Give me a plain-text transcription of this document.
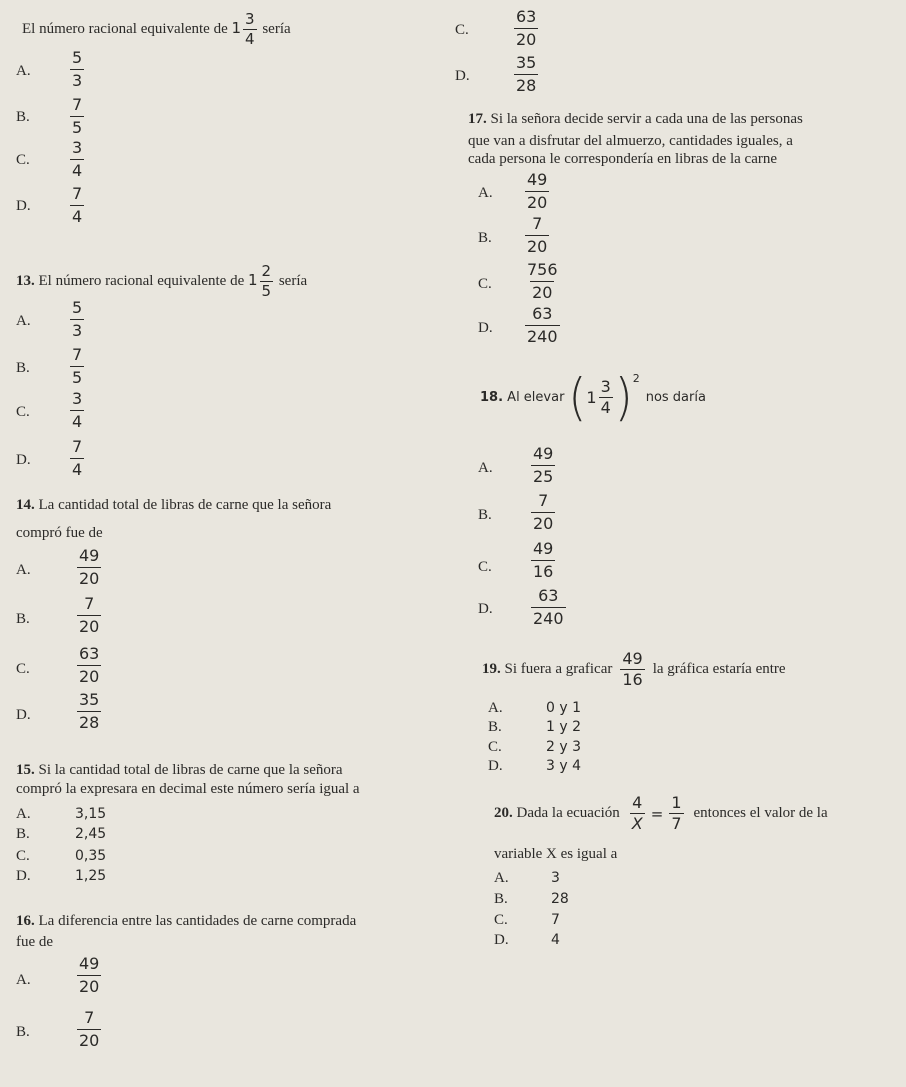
El número racional equivalente de $1 \frac{3}{4}$ sería
A. $\frac{5}{3}$
B.	$\frac{7}{5}$
C.	$\frac{3}{4}$
D. $\frac{7}{4}$
13. El número racional equivalente de $1 \frac{2}{5}$ sería
A. $\frac{5}{3}$
B.	$\frac{7}{5}$
C.	$\frac{3}{4}$
D. $\frac{7}{4}$
14. La cantidad total de libras de carne que la señora
compró fue de
A.	$\frac{49}{20}$
B.	$\frac{7}{20}$
C.	$\frac{63}{20}$
D.	$\frac{35}{28}$
15. Si la cantidad total de libras de carne que la señora
compró la expresara en decimal este número sería igual a
A.	3,15
B.	2,45
C.	0,35
D.	1,25
16. La diferencia entre las cantidades de carne comprada
fue de
A.	$\frac{49}{20}$
B.	$\frac{7}{20}$
C.	$\frac{63}{20}$
D.	$\frac{35}{28}$
17. Si la señora decide servir a cada una de las personas
que van a disfrutar del almuerzo, cantidades iguales, a
cada persona le correspondería en libras de la carne
A. $\frac{49}{20}$
B. $\frac{7}{20}$
C. $\frac{756}{20}$
D. $\frac{63}{240}$
18. Al elevar ( 1
3
4 )$^2$
nos daría
A. $\frac{49}{25}$
B. $\frac{7}{20}$
C. $\frac{49}{16}$
D. $\frac{63}{240}$
19.
Si fuera a graficar
49
16
la gráfica estaría entre
A.	0 y 1
B.	1 y 2
C.	2 y 3
D.	3 y 4
20.
Dada la ecuación $\frac{4}{X} = \frac{1}{7}$ entonces el valor de la
variable X es igual a
A.	3
B.	28
C.	7
D.	4
